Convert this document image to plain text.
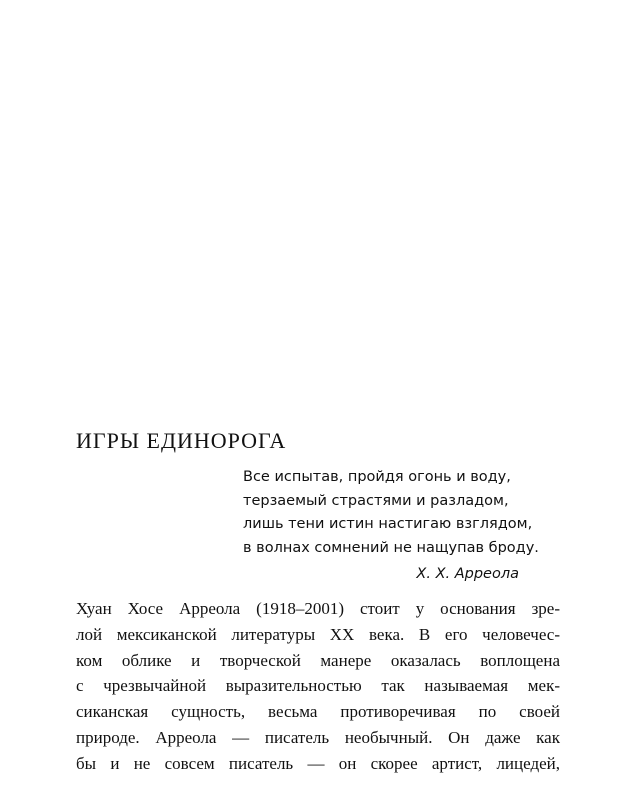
ИГРЫ ЕДИНОРОГА
Все испытав, пройдя огонь и воду,
терзаемый страстями и разладом,
лишь тени истин настигаю взглядом,
в волнах сомнений не нащупав броду.
Х. Х. Арреола
Хуан Хосе Арреола (1918–2001) стоит у основания зре-
лой мексиканской литературы XX века. В его человечес-
ком облике и творческой манере оказалась воплощена
с чрезвычайной выразительностью так называемая мек-
сиканская сущность, весьма противоречивая по своей
природе. Арреола — писатель необычный. Он даже как
бы и не совсем писатель — он скорее артист, лицедей,
